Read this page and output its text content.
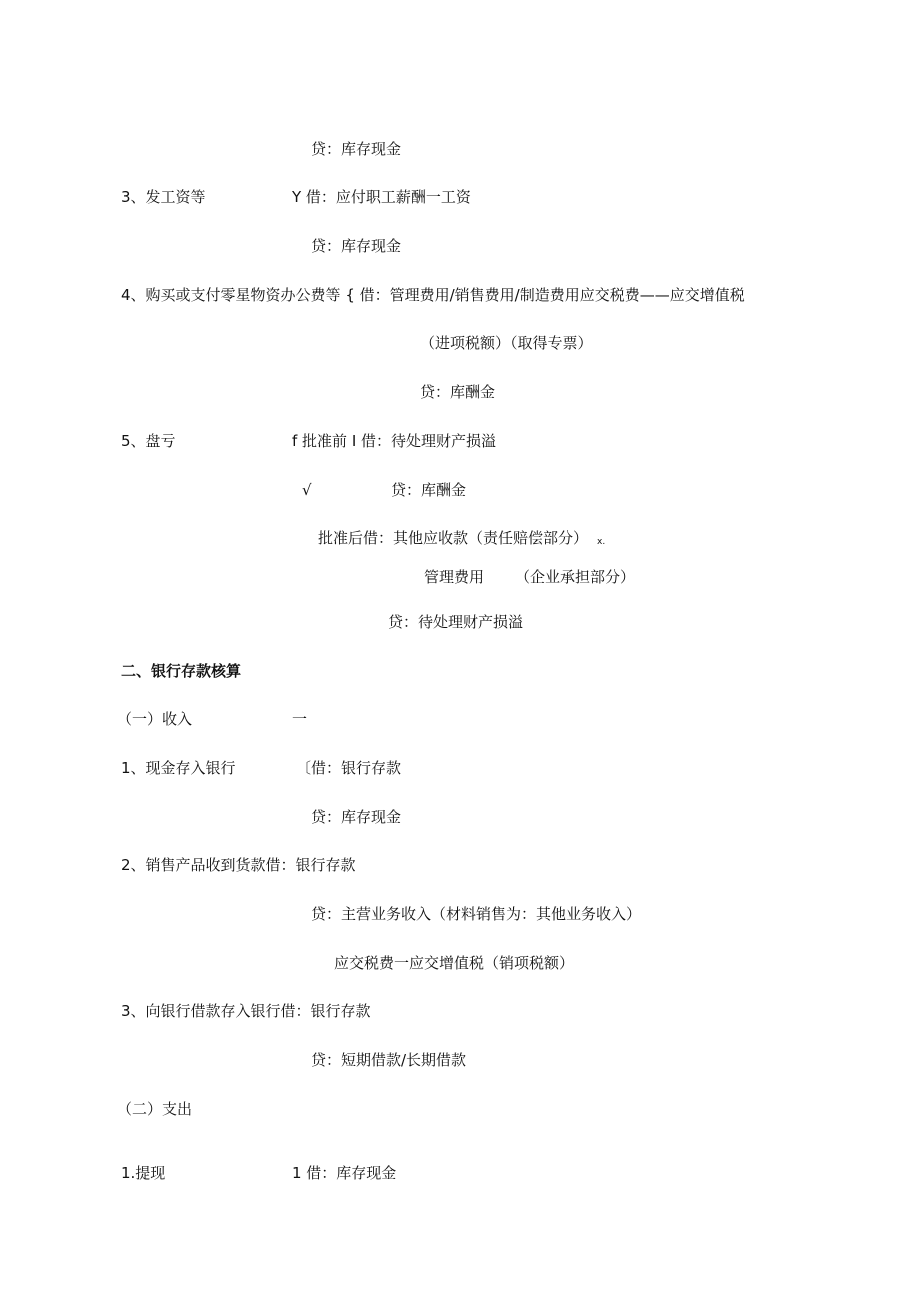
贷：库存现金
3、发工资等	Y 借：应付职工薪酬一工资
贷：库存现金
4、购买或支付零星物资办公费等 { 借：管理费用/销售费用/制造费用应交税费——应交增值税
（进项税额）（取得专票）
贷：库酬金
5、盘亏	f 批准前 I 借：待处理财产损溢
√	贷：库酬金
批准后借：其他应收款（责任赔偿部分） x.
管理费用 （企业承担部分）
贷：待处理财产损溢
二、银行存款核算
（一）收入	一
1、现金存入银行	〔借：银行存款
贷：库存现金
2、销售产品收到货款借：银行存款
贷：主营业务收入（材料销售为：其他业务收入）
应交税费一应交增值税（销项税额）
3、向银行借款存入银行借：银行存款
贷：短期借款/长期借款
（二）支出
1.提现	1 借：库存现金
